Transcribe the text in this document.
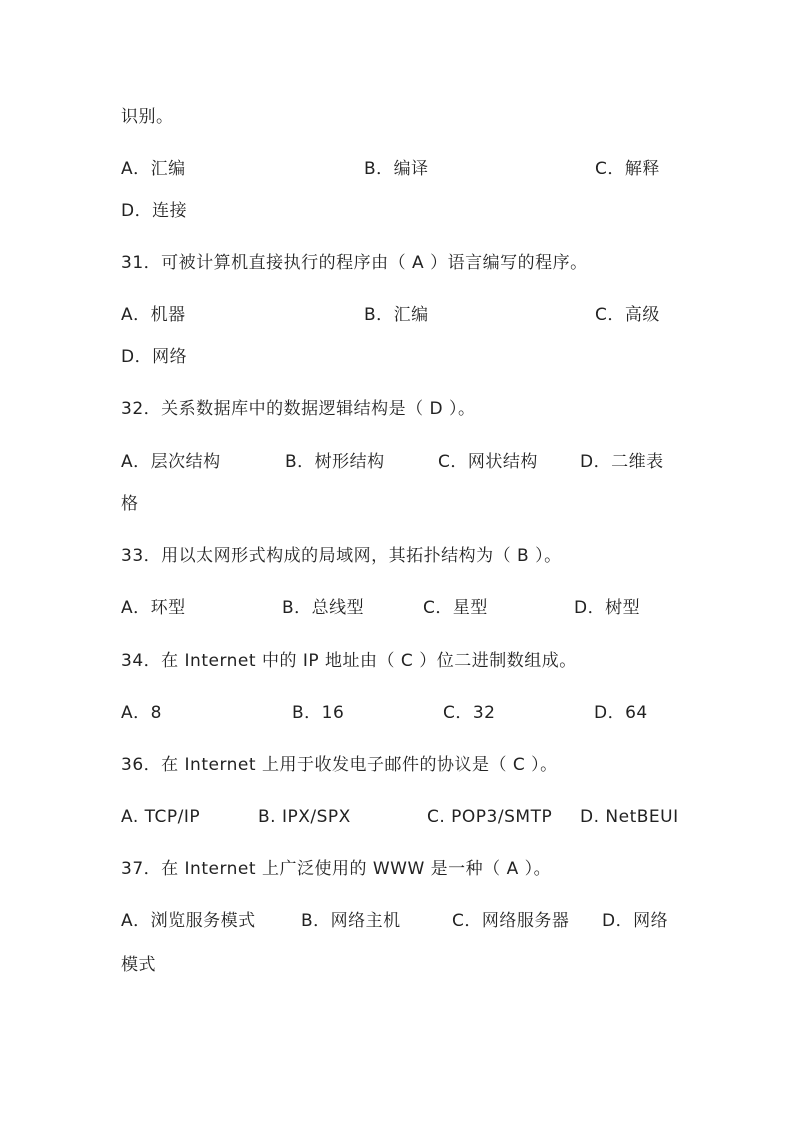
识别。
A．汇编	B．编译	C．解释
D．连接
31．可被计算机直接执行的程序由（ A ）语言编写的程序。
A．机器	B．汇编	C．高级
D．网络
32．关系数据库中的数据逻辑结构是（ D ）。
A．层次结构	B．树形结构	C．网状结构 D．二维表
格
33．用以太网形式构成的局域网，其拓扑结构为（ B ）。
A．环型	B．总线型	C．星型	D．树型
34．在 Internet 中的 IP 地址由（ C ）位二进制数组成。
A．8	B．16	C．32	D．64
36．在 Internet 上用于收发电子邮件的协议是（ C ）。
A. TCP/IP	B. IPX/SPX	C. POP3/SMTP D. NetBEUI
37．在 Internet 上广泛使用的 WWW 是一种（ A ）。
A．浏览服务模式	B．网络主机	C．网络服务器 D．网络
模式
